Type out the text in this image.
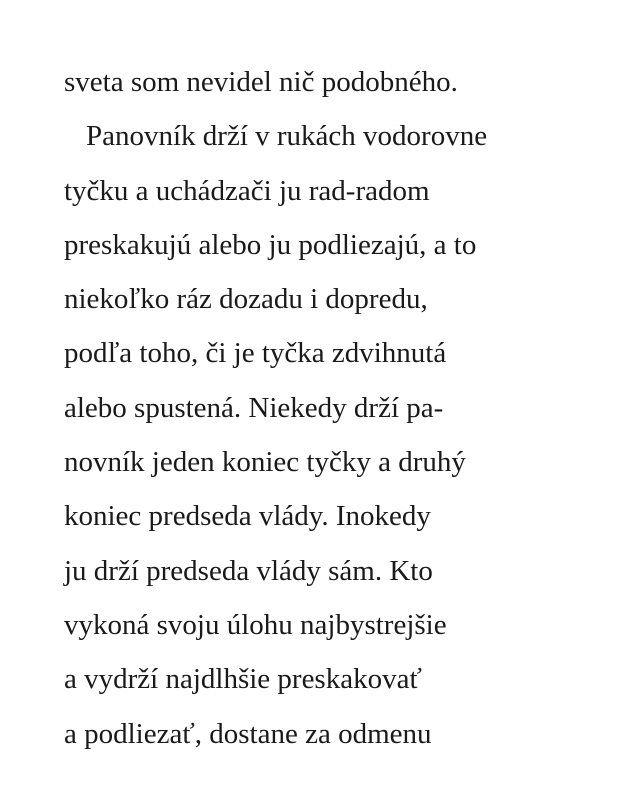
sveta som nevidel nič podobného.
Panovník drží v rukách vodorovne
tyčku a uchádzači ju rad-radom
preskakujú alebo ju podliezajú, a to
niekoľko ráz dozadu i dopredu,
podľa toho, či je tyčka zdvihnutá
alebo spustená. Niekedy drží pa-
novník jeden koniec tyčky a druhý
koniec predseda vlády. Inokedy
ju drží predseda vlády sám. Kto
vykoná svoju úlohu najbystrejšie
a vydrží najdlhšie preskakovať
a podliezať, dostane za odmenu
